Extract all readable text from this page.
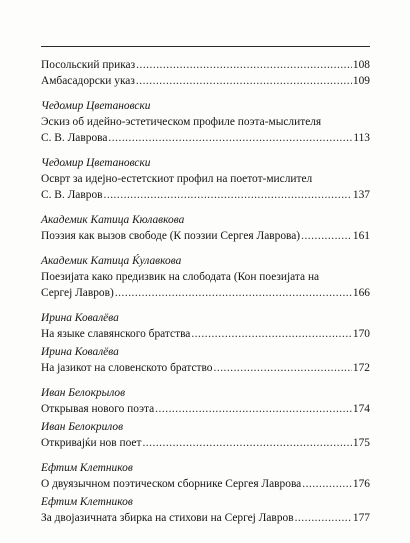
Посольский приказ .....	108
Амбасадорски указ .....	109
Чедомир Цветановски
Эскиз об идейно-эстетическом профиле поэта-мыслителя
С. В. Лаврова .....	113
Чедомир Цветановски
Осврт за идејно-естетскиот профил на поетот-мислител
С. В. Лавров .....	137
Академик Катица Кюлавкова
Поэзия как вызов свободе (К поэзии Сергея Лаврова) .....	161
Академик Катица Ќулавкова
Поезијата како предизвик на слободата (Кон поезијата на
Сергеј Лавров) .....	166
Ирина Ковалёва
На языке славянского братства .....	170
Ирина Ковалёва
На јазикот на словенското братство .....	172
Иван Белокрылов
Открывая нового поэта .....	174
Иван Белокрилов
Откривајќи нов поет .....	175
Ефтим Клетников
О двуязычном поэтическом сборнике Сергея Лаврова .....	176
Ефтим Клетников
За двојазичната збирка на стихови на Сергеј Лавров .....	177
